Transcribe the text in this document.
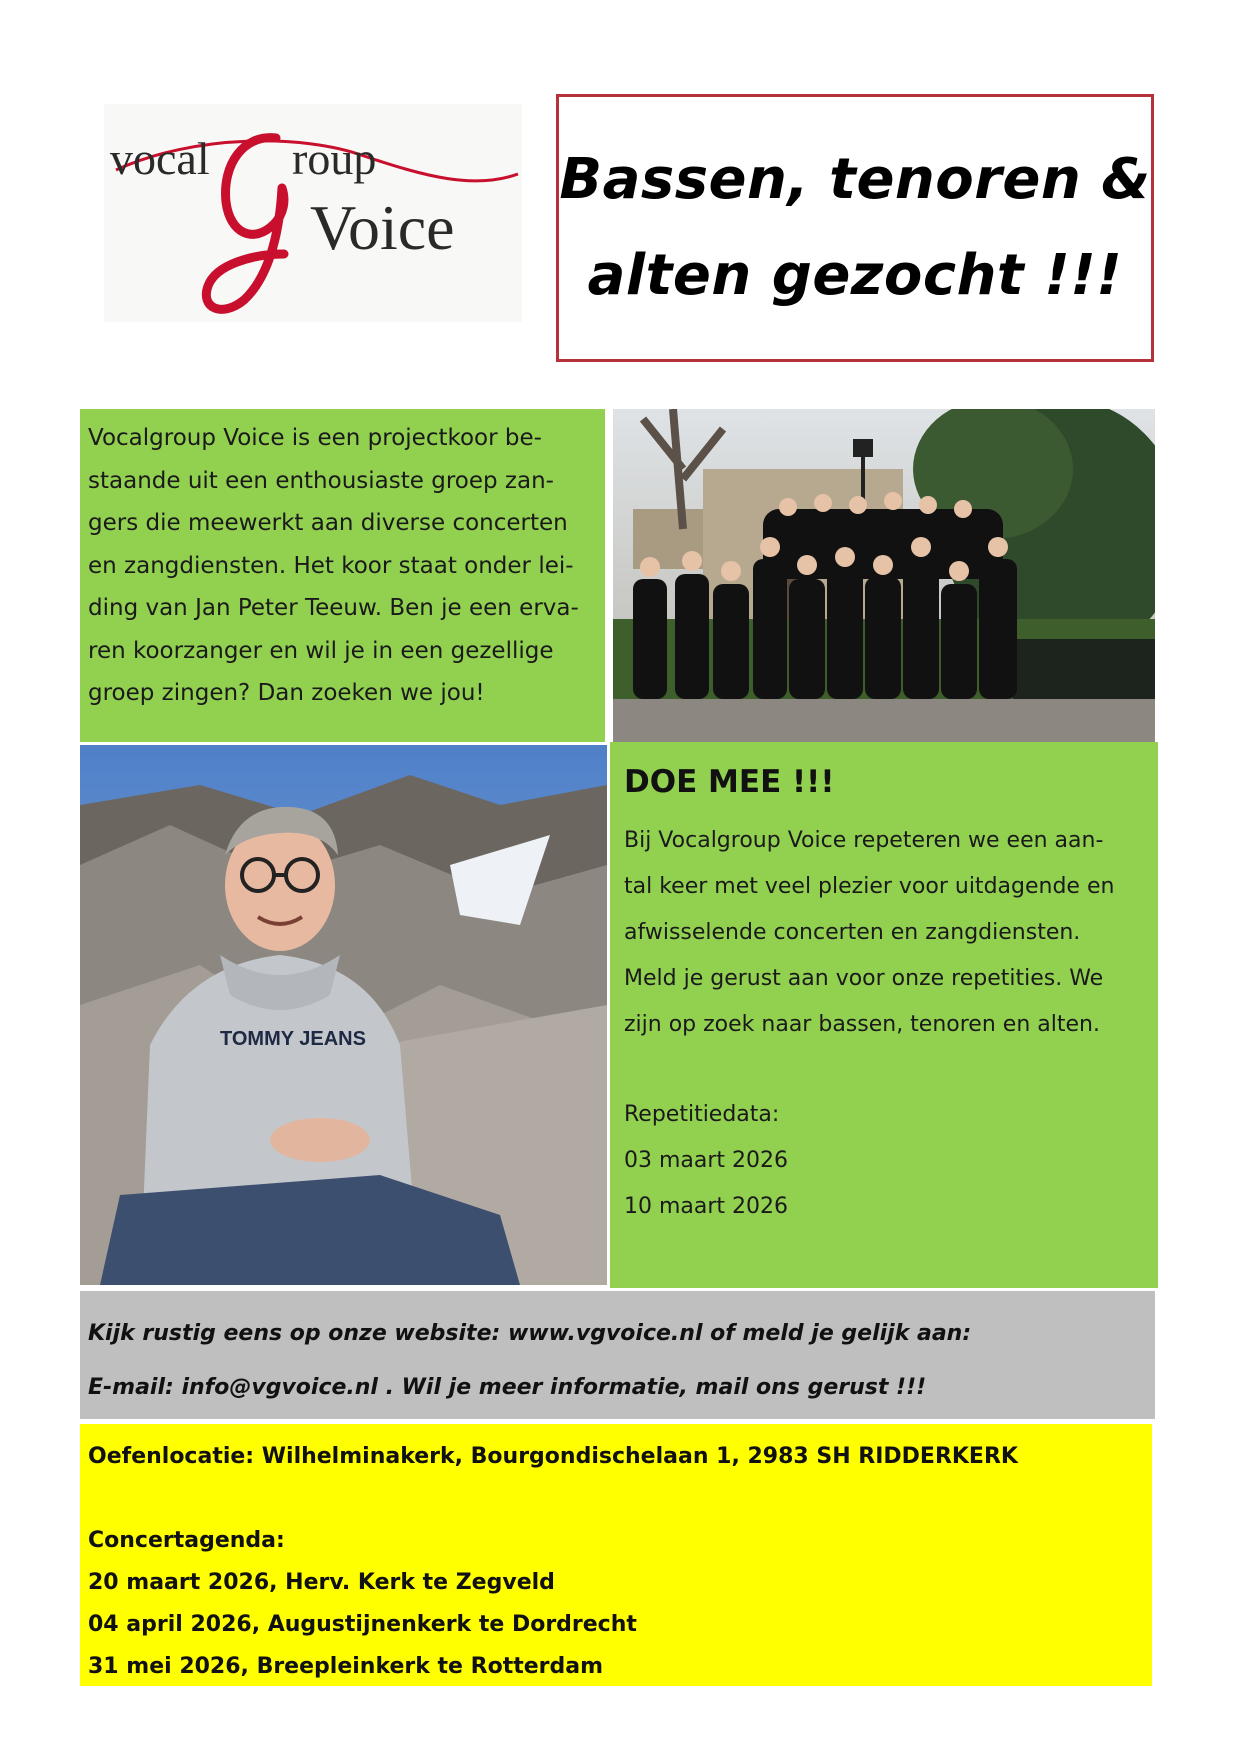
vocal roup
Voice
Bassen, tenoren &
alten gezocht !!!

Vocalgroup Voice is een projectkoor be-

staande uit een enthousiaste groep zan-

gers die meewerkt aan diverse concerten

en zangdiensten. Het koor staat onder lei-

ding van Jan Peter Teeuw. Ben je een erva-

ren koorzanger en wil je in een gezellige

groep zingen? Dan zoeken we jou!

TOMMY JEANS
DOE MEE !!!

Bij Vocalgroup Voice repeteren we een aan-

tal keer met veel plezier voor uitdagende en

afwisselende concerten en zangdiensten.

Meld je gerust aan voor onze repetities. We

zijn op zoek naar bassen, tenoren en alten.

Repetitiedata:

03 maart 2026

10 maart 2026

Kijk rustig eens op onze website: www.vgvoice.nl of meld je gelijk aan:

E-mail: info@vgvoice.nl . Wil je meer informatie, mail ons gerust !!!

Oefenlocatie: Wilhelminakerk, Bourgondischelaan 1, 2983 SH RIDDERKERK

Concertagenda:

20 maart 2026, Herv. Kerk te Zegveld

04 april 2026, Augustijnenkerk te Dordrecht

31 mei 2026, Breepleinkerk te Rotterdam
